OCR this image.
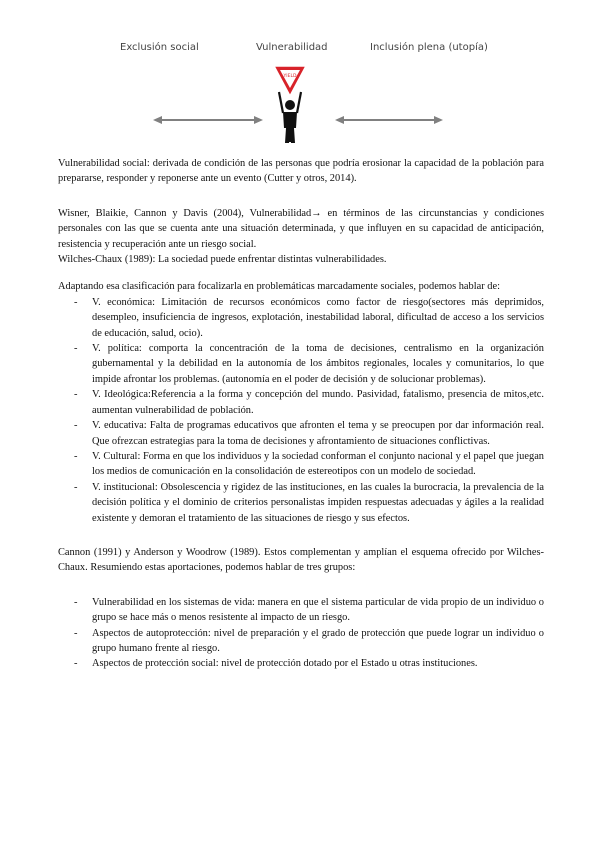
Exclusión social	Vulnerabilidad	Inclusión plena (utopía)
YIELD

Vulnerabilidad social: derivada de condición de las personas que podría erosionar la capacidad de la población para prepararse, responder y reponerse ante un evento (Cutter y otros, 2014).

Wisner, Blaikie, Cannon y Davis (2004), Vulnerabilidad→ en términos de las circunstancias y condiciones personales con las que se cuenta ante una situación determinada, y que influyen en su capacidad de anticipación, resistencia y recuperación ante un riesgo social.

Wilches-Chaux (1989): La sociedad puede enfrentar distintas vulnerabilidades.

Adaptando esa clasificación para focalizarla en problemáticas marcadamente sociales, podemos hablar de:

- V. económica: Limitación de recursos económicos como factor de riesgo(sectores más deprimidos, desempleo, insuficiencia de ingresos, explotación, inestabilidad laboral, dificultad de acceso a los servicios de educación, salud, ocio).
- V. política: comporta la concentración de la toma de decisiones, centralismo en la organización gubernamental y la debilidad en la autonomía de los ámbitos regionales, locales y comunitarios, lo que impide afrontar los problemas. (autonomía en el poder de decisión y de solucionar problemas).
- V. Ideológica:Referencia a la forma y concepción del mundo. Pasividad, fatalismo, presencia de mitos,etc. aumentan vulnerabilidad de población.
- V. educativa: Falta de programas educativos que afronten el tema y se preocupen por dar información real. Que ofrezcan estrategias para la toma de decisiones y afrontamiento de situaciones conflictivas.
- V. Cultural: Forma en que los individuos y la sociedad conforman el conjunto nacional y el papel que juegan los medios de comunicación en la consolidación de estereotipos con un modelo de sociedad.
- V. institucional: Obsolescencia y rigidez de las instituciones, en las cuales la burocracia, la prevalencia de la decisión política y el dominio de criterios personalistas impiden respuestas adecuadas y ágiles a la realidad existente y demoran el tratamiento de las situaciones de riesgo y sus efectos.

Cannon (1991) y Anderson y Woodrow (1989). Estos complementan y amplían el esquema ofrecido por Wilches-Chaux. Resumiendo estas aportaciones, podemos hablar de tres grupos:

- Vulnerabilidad en los sistemas de vida: manera en que el sistema particular de vida propio de un individuo o grupo se hace más o menos resistente al impacto de un riesgo.
- Aspectos de autoprotección: nivel de preparación y el grado de protección que puede lograr un individuo o grupo humano frente al riesgo.
- Aspectos de protección social: nivel de protección dotado por el Estado u otras instituciones.
